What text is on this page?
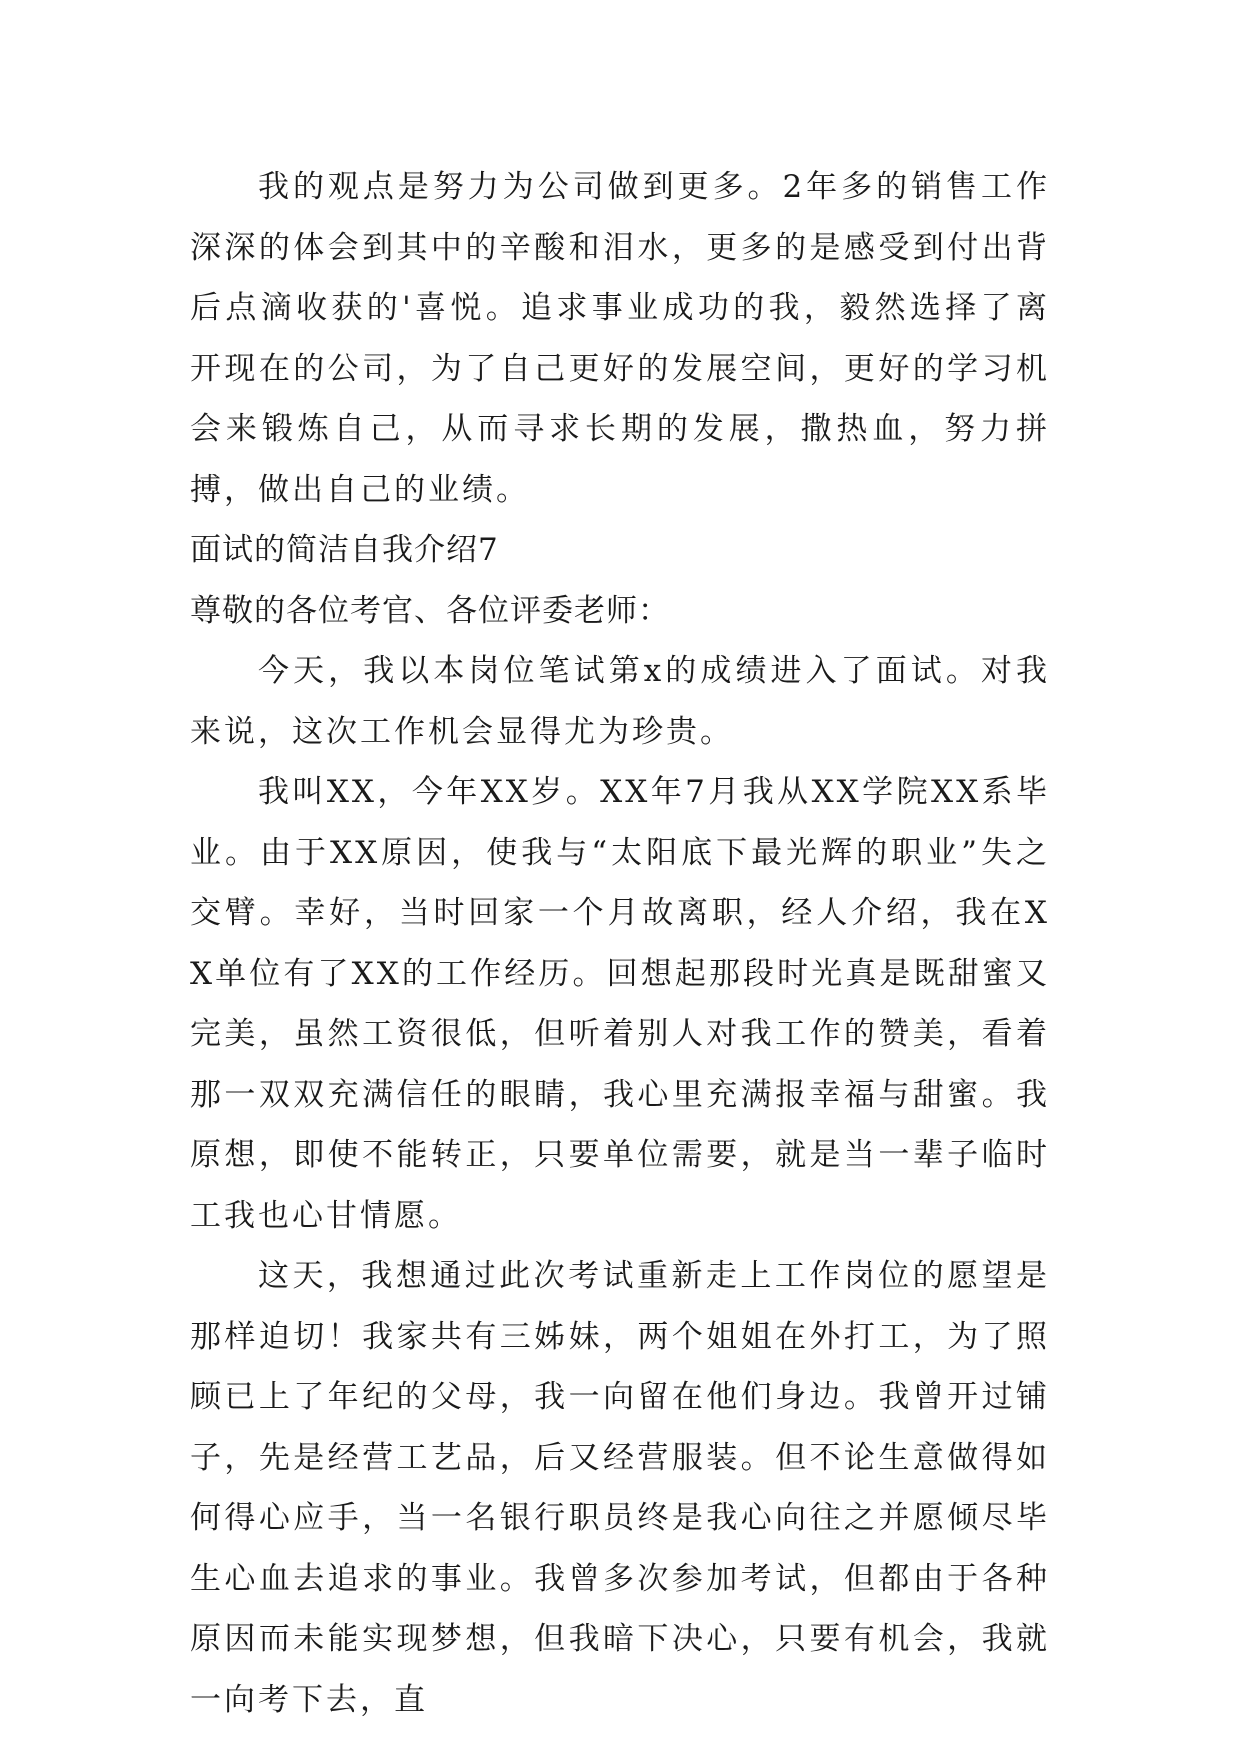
我的观点是努力为公司做到更多。2年多的销售工作深深的体会到其中的辛酸和泪水，更多的是感受到付出背后点滴收获的'喜悦。追求事业成功的我，毅然选择了离开现在的公司，为了自己更好的发展空间，更好的学习机会来锻炼自己，从而寻求长期的发展，撒热血，努力拼搏，做出自己的业绩。

面试的简洁自我介绍7

尊敬的各位考官、各位评委老师：

今天，我以本岗位笔试第x的成绩进入了面试。对我来说，这次工作机会显得尤为珍贵。

我叫XX，今年XX岁。XX年7月我从XX学院XX系毕业。由于XX原因，使我与“太阳底下最光辉的职业”失之交臂。幸好，当时回家一个月故离职，经人介绍，我在XX单位有了XX的工作经历。回想起那段时光真是既甜蜜又完美，虽然工资很低，但听着别人对我工作的赞美，看着那一双双充满信任的眼睛，我心里充满报幸福与甜蜜。我原想，即使不能转正，只要单位需要，就是当一辈子临时工我也心甘情愿。

这天，我想通过此次考试重新走上工作岗位的愿望是那样迫切！我家共有三姊妹，两个姐姐在外打工，为了照顾已上了年纪的父母，我一向留在他们身边。我曾开过铺子，先是经营工艺品，后又经营服装。但不论生意做得如何得心应手，当一名银行职员终是我心向往之并愿倾尽毕生心血去追求的事业。我曾多次参加考试，但都由于各种原因而未能实现梦想，但我暗下决心，只要有机会，我就一向考下去，直
